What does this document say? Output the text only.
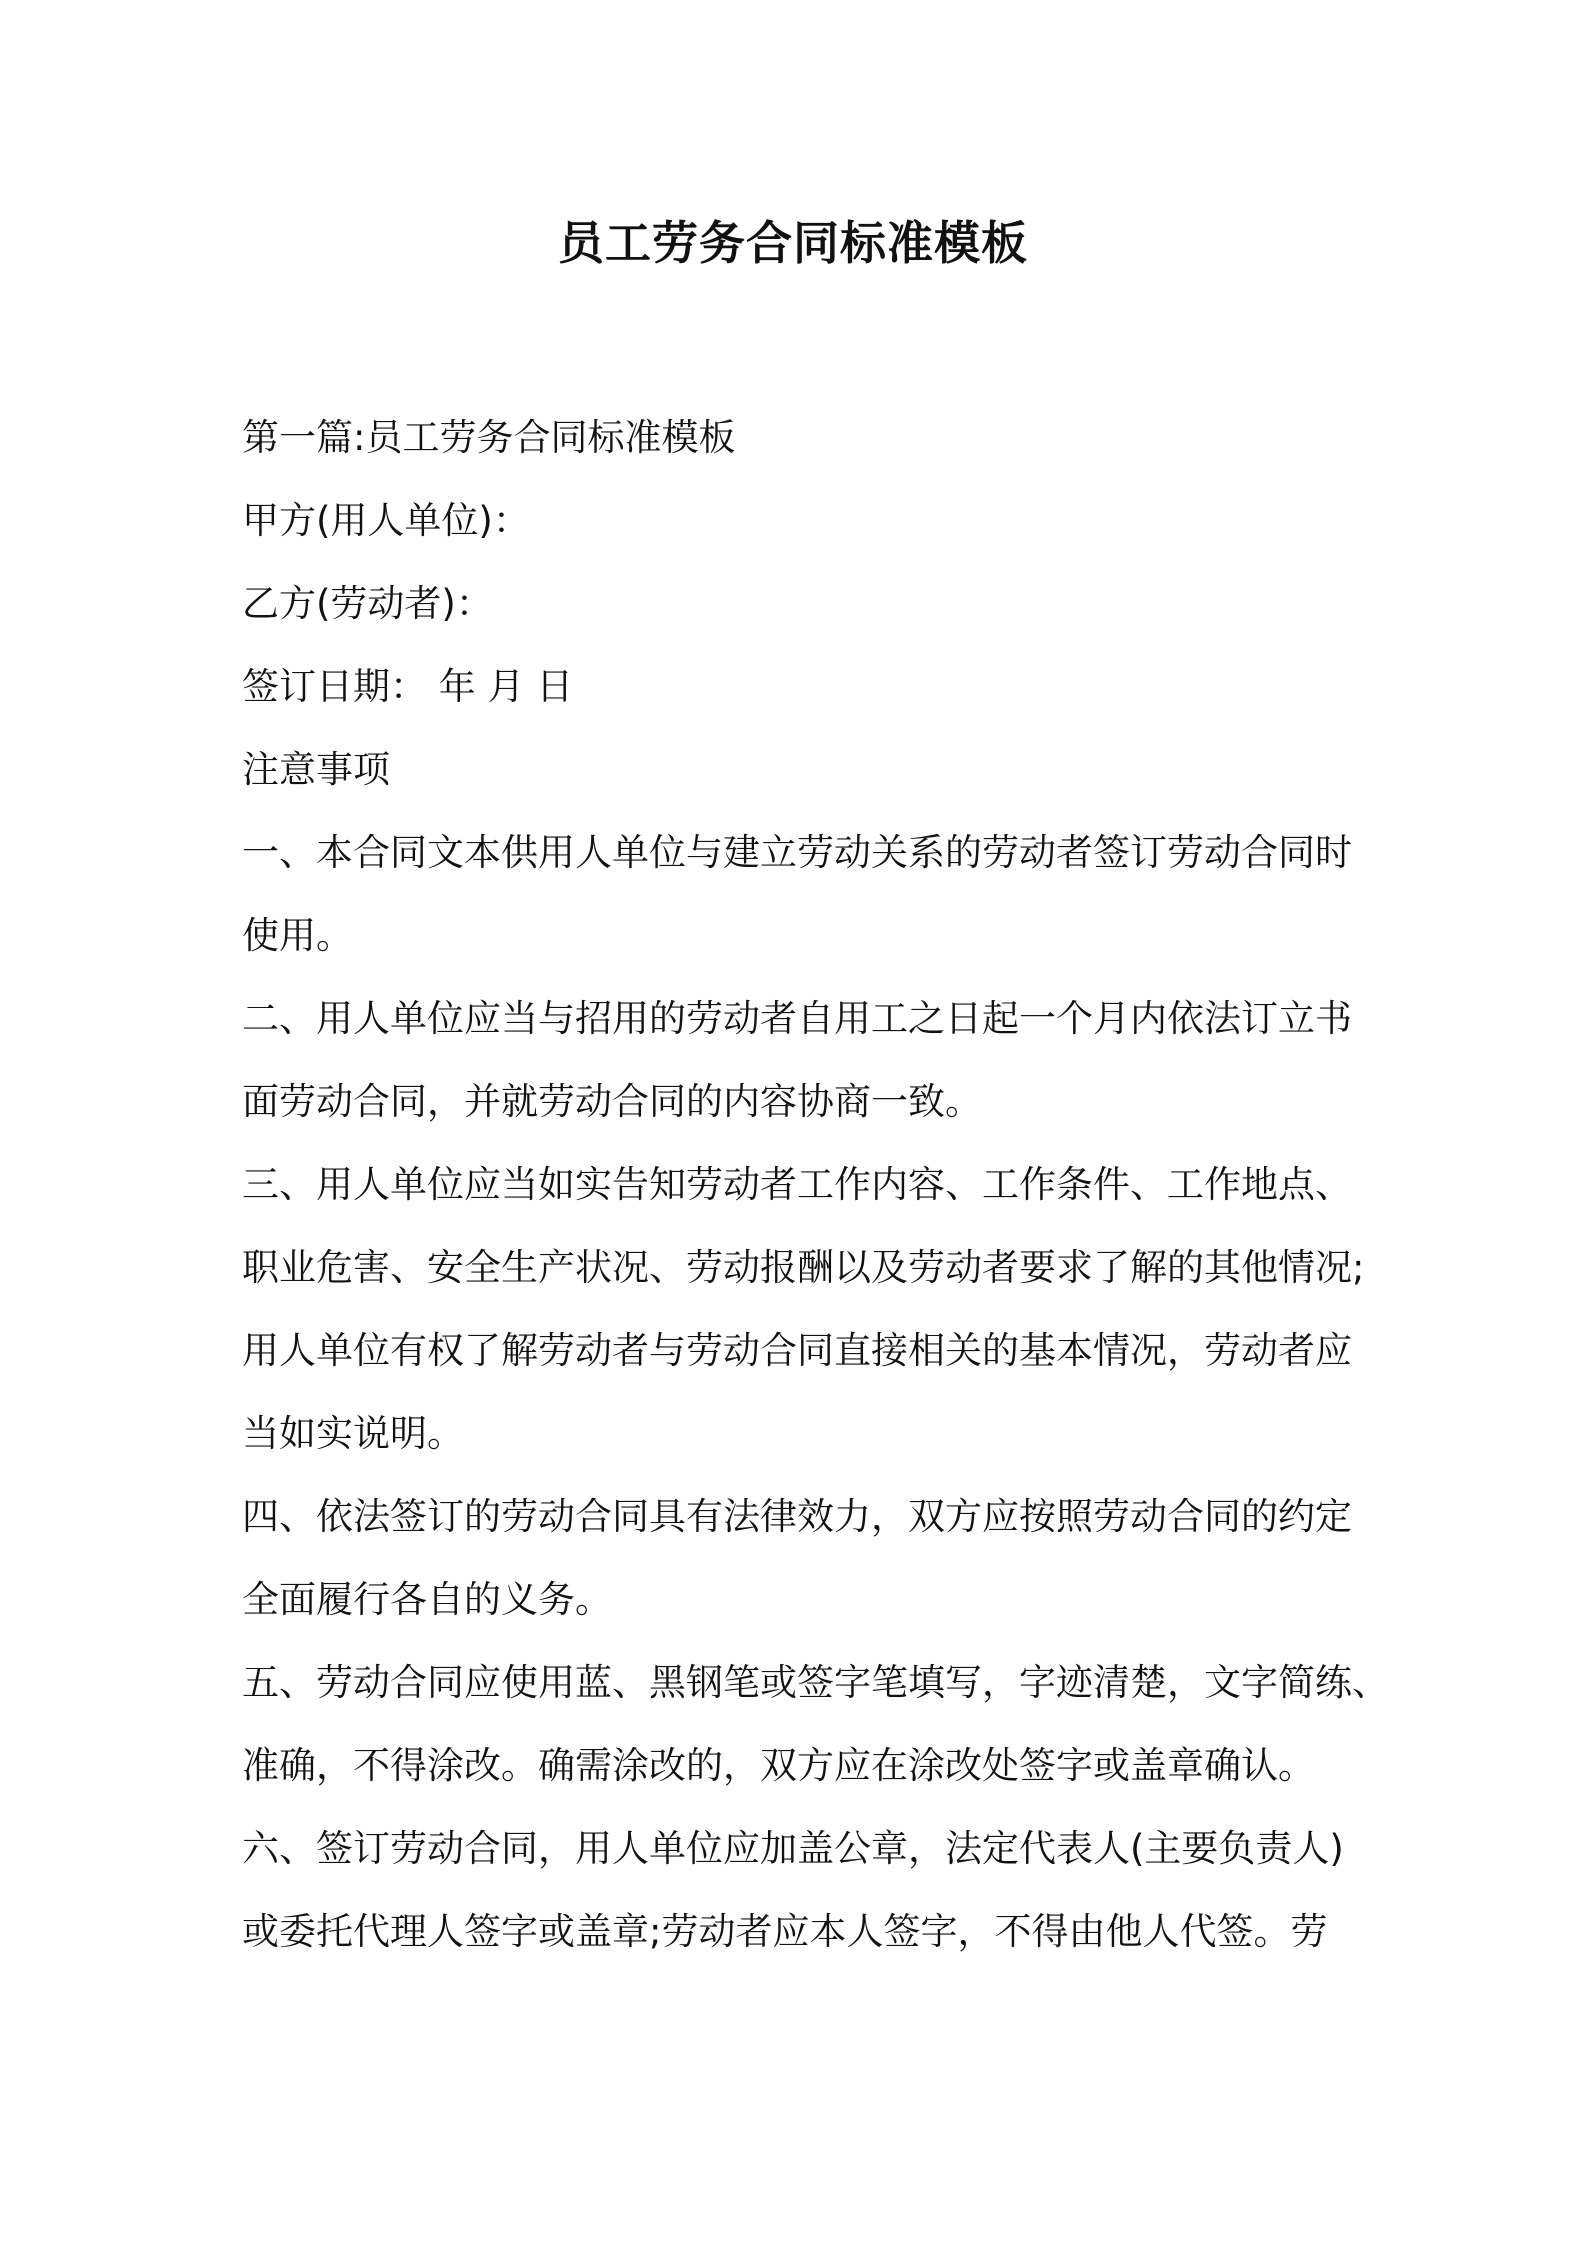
员工劳务合同标准模板
第一篇:员工劳务合同标准模板
甲方(用人单位)：
乙方(劳动者)：
签订日期： 年 月 日
注意事项
一、本合同文本供用人单位与建立劳动关系的劳动者签订劳动合同时
使用。
二、用人单位应当与招用的劳动者自用工之日起一个月内依法订立书
面劳动合同，并就劳动合同的内容协商一致。
三、用人单位应当如实告知劳动者工作内容、工作条件、工作地点、
职业危害、安全生产状况、劳动报酬以及劳动者要求了解的其他情况;
用人单位有权了解劳动者与劳动合同直接相关的基本情况，劳动者应
当如实说明。
四、依法签订的劳动合同具有法律效力，双方应按照劳动合同的约定
全面履行各自的义务。
五、劳动合同应使用蓝、黑钢笔或签字笔填写，字迹清楚，文字简练、
准确，不得涂改。确需涂改的，双方应在涂改处签字或盖章确认。
六、签订劳动合同，用人单位应加盖公章，法定代表人(主要负责人)
或委托代理人签字或盖章;劳动者应本人签字，不得由他人代签。劳
